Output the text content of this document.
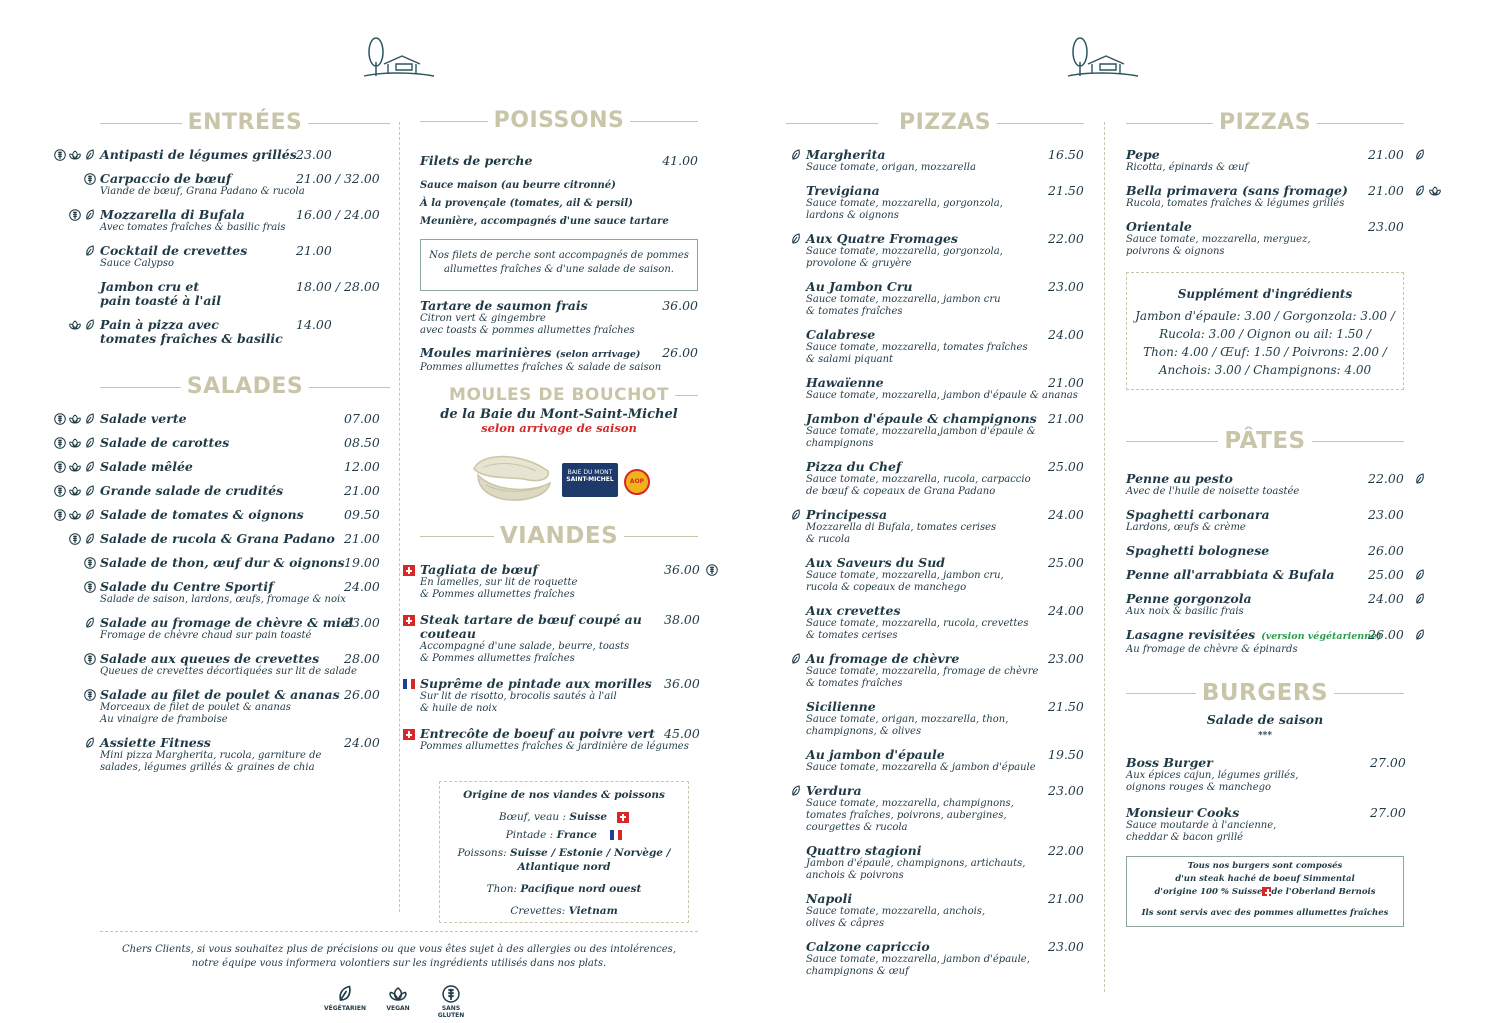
ENTRÉES
Antipasti de légumes grillés 23.00
Carpaccio de bœuf
Viande de bœuf, Grana Padano & rucola
21.00 / 32.00
Mozzarella di Bufala
Avec tomates fraîches & basilic frais
16.00 / 24.00
Cocktail de crevettes
Sauce Calypso
21.00
Jambon cru et
pain toasté à l'ail
18.00 / 28.00
Pain à pizza avec
tomates fraîches & basilic
14.00
SALADES
Salade verte	07.00
Salade de carottes	08.50
Salade mêlée	12.00
Grande salade de crudités	21.00
Salade de tomates & oignons	09.50
Salade de rucola & Grana Padano 21.00
Salade de thon, œuf dur & oignons 19.00
Salade du Centre Sportif
Salade de saison, lardons, œufs, fromage & noix
24.00
Salade au fromage de chèvre & miel
Fromage de chèvre chaud sur pain toasté
23.00
Salade aux queues de crevettes
Queues de crevettes décortiquées sur lit de salade
28.00
Salade au filet de poulet & ananas
Morceaux de filet de poulet & ananas
Au vinaigre de framboise
26.00
Assiette Fitness
Mini pizza Margherita, rucola, garniture de
salades, légumes grillés & graines de chia
24.00
POISSONS
Filets de perche	41.00
Sauce maison (au beurre citronné)
À la provençale (tomates, ail & persil)
Meunière, accompagnés d'une sauce tartare
Nos filets de perche sont accompagnés de pommes
allumettes fraîches & d'une salade de saison.
Tartare de saumon frais
Citron vert & gingembre
avec toasts & pommes allumettes fraîches
36.00
Moules marinières (selon arrivage)
Pommes allumettes fraîches & salade de saison
26.00
MOULES DE BOUCHOT
de la Baie du Mont-Saint-Michel
selon arrivage de saison
BAIE DU MONT
SAINT-MICHEL	AOP
VIANDES
Tagliata de bœuf
En lamelles, sur lit de roquette
& Pommes allumettes fraîches
36.00
Steak tartare de bœuf coupé au couteau
Accompagné d'une salade, beurre, toasts
& Pommes allumettes fraîches
38.00
Suprême de pintade aux morilles
Sur lit de risotto, brocolis sautés à l'ail
& huile de noix
36.00
Entrecôte de boeuf au poivre vert
Pommes allumettes fraîches & jardinière de légumes
45.00
Origine de nos viandes & poissons
Bœuf, veau : Suisse
Pintade : France
Poissons: Suisse / Estonie / Norvège /
Atlantique nord
Thon: Pacifique nord ouest
Crevettes: Vietnam
Chers Clients, si vous souhaitez plus de précisions ou que vous êtes sujet à des allergies ou des intolérences,
notre équipe vous informera volontiers sur les ingrédients utilisés dans nos plats.
VÉGÉTARIEN	VEGAN	SANS GLUTEN
PIZZAS
Margherita
Sauce tomate, origan, mozzarella
16.50
Trevigiana
Sauce tomate, mozzarella, gorgonzola,
lardons & oignons
21.50
Aux Quatre Fromages
Sauce tomate, mozzarella, gorgonzola,
provolone & gruyère
22.00
Au Jambon Cru
Sauce tomate, mozzarella, jambon cru
& tomates fraîches
23.00
Calabrese
Sauce tomate, mozzarella, tomates fraîches
& salami piquant
24.00
Hawaïenne
Sauce tomate, mozzarella, jambon d'épaule & ananas
21.00
Jambon d'épaule & champignons
Sauce tomate, mozzarella,jambon d'épaule & champignons
21.00
Pizza du Chef
Sauce tomate, mozzarella, rucola, carpaccio
de bœuf & copeaux de Grana Padano
25.00
Principessa
Mozzarella di Bufala, tomates cerises
& rucola
24.00
Aux Saveurs du Sud
Sauce tomate, mozzarella, jambon cru,
rucola & copeaux de manchego
25.00
Aux crevettes
Sauce tomate, mozzarella, rucola, crevettes
& tomates cerises
24.00
Au fromage de chèvre
Sauce tomate, mozzarella, fromage de chèvre
& tomates fraîches
23.00
Sicilienne
Sauce tomate, origan, mozzarella, thon,
champignons, & olives
21.50
Au jambon d'épaule
Sauce tomate, mozzarella & jambon d'épaule
19.50
Verdura
Sauce tomate, mozzarella, champignons,
tomates fraîches, poivrons, aubergines,
courgettes & rucola
23.00
Quattro stagioni
Jambon d'épaule, champignons, artichauts,
anchois & poivrons
22.00
Napoli
Sauce tomate, mozzarella, anchois,
olives & câpres
21.00
Calzone capriccio
Sauce tomate, mozzarella, jambon d'épaule,
champignons & œuf
23.00
PIZZAS
Pepe
Ricotta, épinards & œuf
21.00
Bella primavera (sans fromage)
Rucola, tomates fraîches & légumes grillés
21.00
Orientale
Sauce tomate, mozzarella, merguez,
poivrons & oignons
23.00
Supplément d'ingrédients
Jambon d'épaule: 3.00 / Gorgonzola: 3.00 /
Rucola: 3.00 / Oignon ou ail: 1.50 /
Thon: 4.00 / Œuf: 1.50 / Poivrons: 2.00 /
Anchois: 3.00 / Champignons: 4.00
PÂTES
Penne au pesto
Avec de l'huile de noisette toastée
22.00
Spaghetti carbonara
Lardons, œufs & crème
23.00
Spaghetti bolognese	26.00
Penne all'arrabbiata & Bufala	25.00
Penne gorgonzola
Aux noix & basilic frais
24.00
Lasagne revisitées (version végétarienne)
Au fromage de chèvre & épinards
26.00
BURGERS
Salade de saison
***
Boss Burger
Aux épices cajun, légumes grillés,
oignons rouges & manchego
27.00
Monsieur Cooks
Sauce moutarde à l'ancienne,
cheddar & bacon grillé
27.00
Tous nos burgers sont composés
d'un steak haché de boeuf Simmental
d'origine 100 % Suisse de l'Oberland Bernois
Ils sont servis avec des pommes allumettes fraîches
